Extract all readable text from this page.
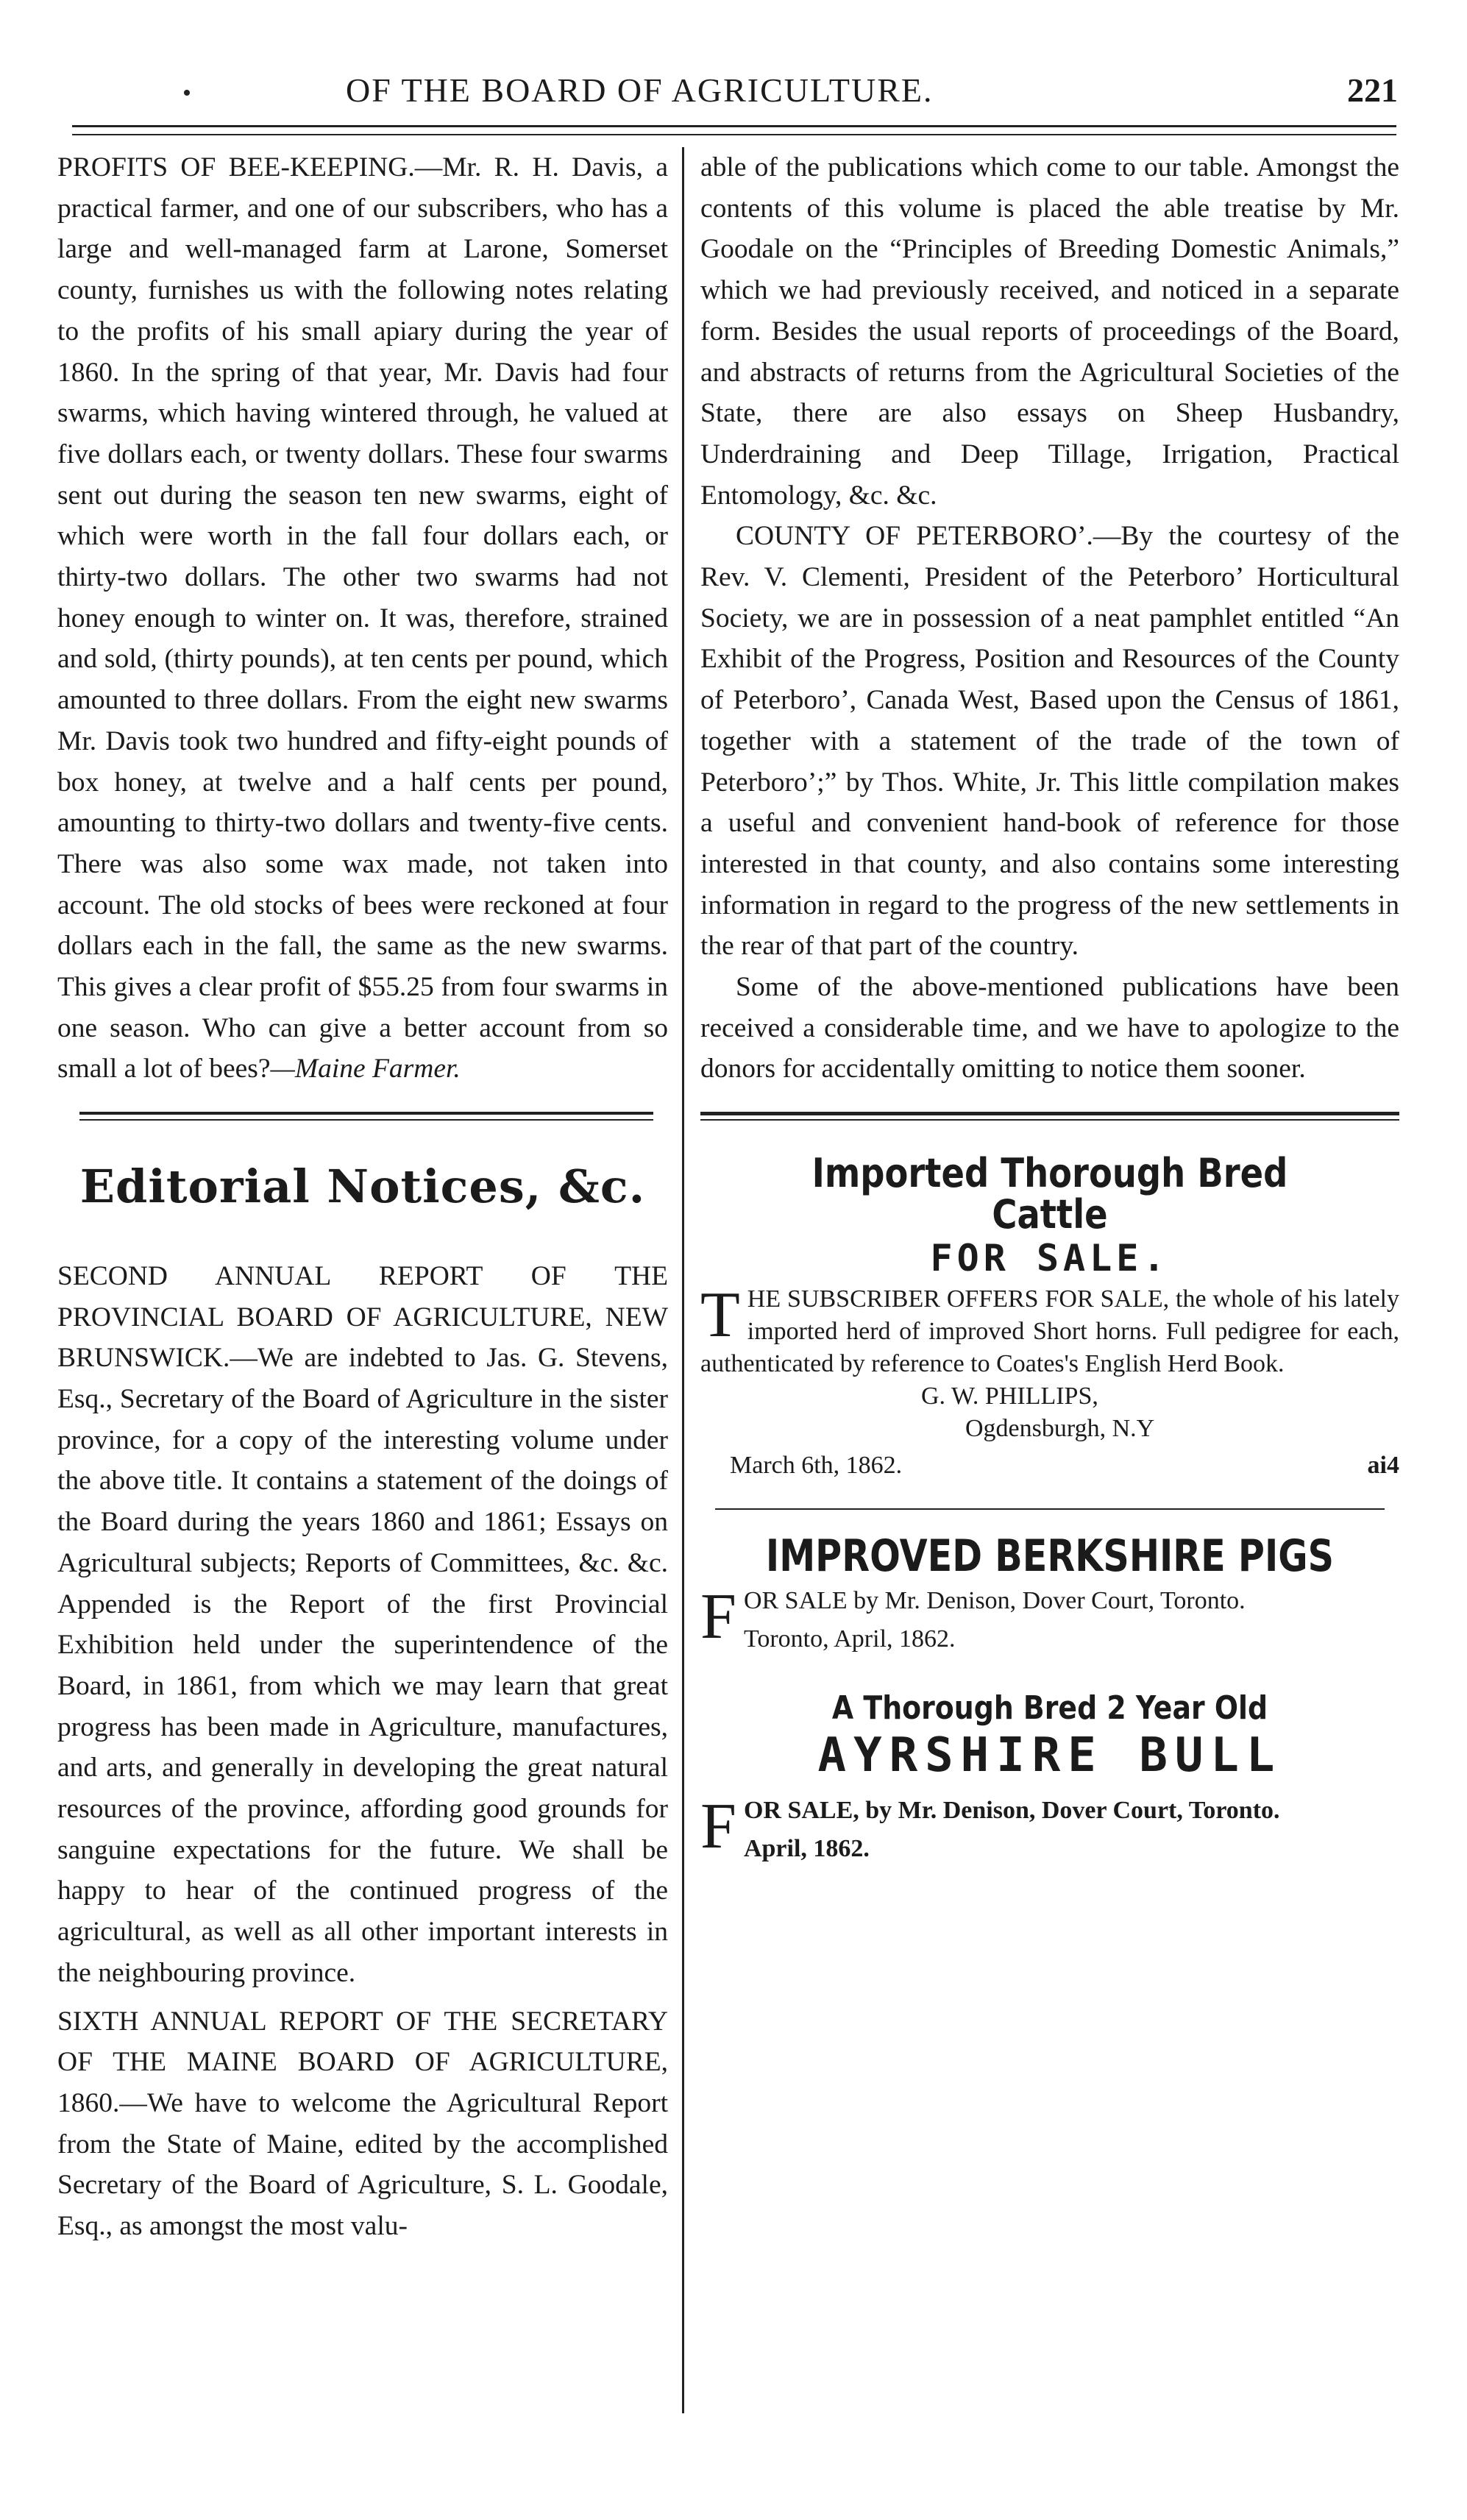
OF THE BOARD OF AGRICULTURE.	221

PROFITS OF BEE-KEEPING.—Mr. R. H. Davis, a practical farmer, and one of our subscribers, who has a large and well-managed farm at Larone, Somerset county, furnishes us with the following notes relating to the profits of his small apiary during the year of 1860. In the spring of that year, Mr. Davis had four swarms, which having wintered through, he valued at five dollars each, or twenty dollars. These four swarms sent out during the season ten new swarms, eight of which were worth in the fall four dollars each, or thirty-two dollars. The other two swarms had not honey enough to winter on. It was, therefore, strained and sold, (thirty pounds), at ten cents per pound, which amounted to three dollars. From the eight new swarms Mr. Davis took two hundred and fifty-eight pounds of box honey, at twelve and a half cents per pound, amounting to thirty-two dollars and twenty-five cents. There was also some wax made, not taken into account. The old stocks of bees were reckoned at four dollars each in the fall, the same as the new swarms. This gives a clear profit of $55.25 from four swarms in one season. Who can give a better account from so small a lot of bees?—Maine Farmer.

Editorial Notices, &c.

SECOND ANNUAL REPORT OF THE PROVINCIAL BOARD OF AGRICULTURE, NEW BRUNSWICK.—We are indebted to Jas. G. Stevens, Esq., Secretary of the Board of Agriculture in the sister province, for a copy of the interesting volume under the above title. It contains a statement of the doings of the Board during the years 1860 and 1861; Essays on Agricultural subjects; Reports of Committees, &c. &c. Appended is the Report of the first Provincial Exhibition held under the superintendence of the Board, in 1861, from which we may learn that great progress has been made in Agriculture, manufactures, and arts, and generally in developing the great natural resources of the province, affording good grounds for sanguine expectations for the future. We shall be happy to hear of the continued progress of the agricultural, as well as all other important interests in the neighbouring province.

SIXTH ANNUAL REPORT OF THE SECRETARY OF THE MAINE BOARD OF AGRICULTURE, 1860.—We have to welcome the Agricultural Report from the State of Maine, edited by the accomplished Secretary of the Board of Agriculture, S. L. Goodale, Esq., as amongst the most valu-

able of the publications which come to our table. Amongst the contents of this volume is placed the able treatise by Mr. Goodale on the “Principles of Breeding Domestic Animals,” which we had previously received, and noticed in a separate form. Besides the usual reports of proceedings of the Board, and abstracts of returns from the Agricultural Societies of the State, there are also essays on Sheep Husbandry, Underdraining and Deep Tillage, Irrigation, Practical Entomology, &c. &c.

COUNTY OF PETERBORO’.—By the courtesy of the Rev. V. Clementi, President of the Peterboro’ Horticultural Society, we are in possession of a neat pamphlet entitled “An Exhibit of the Progress, Position and Resources of the County of Peterboro’, Canada West, Based upon the Census of 1861, together with a statement of the trade of the town of Peterboro’;” by Thos. White, Jr. This little compilation makes a useful and convenient hand-book of reference for those interested in that county, and also contains some interesting information in regard to the progress of the new settlements in the rear of that part of the country.

Some of the above-mentioned publications have been received a considerable time, and we have to apologize to the donors for accidentally omitting to notice them sooner.

Imported Thorough Bred Cattle
FOR SALE.
THE SUBSCRIBER OFFERS FOR SALE, the whole of his lately imported herd of improved Short horns. Full pedigree for each, authenticated by reference to Coates's English Herd Book.
G. W. PHILLIPS,
Ogdensburgh, N.Y
March 6th, 1862.	ai4
IMPROVED BERKSHIRE PIGS
FOR SALE by Mr. Denison, Dover Court, Toronto.
Toronto, April, 1862.
A Thorough Bred 2 Year Old
AYRSHIRE BULL
FOR SALE, by Mr. Denison, Dover Court, Toronto.
April, 1862.
